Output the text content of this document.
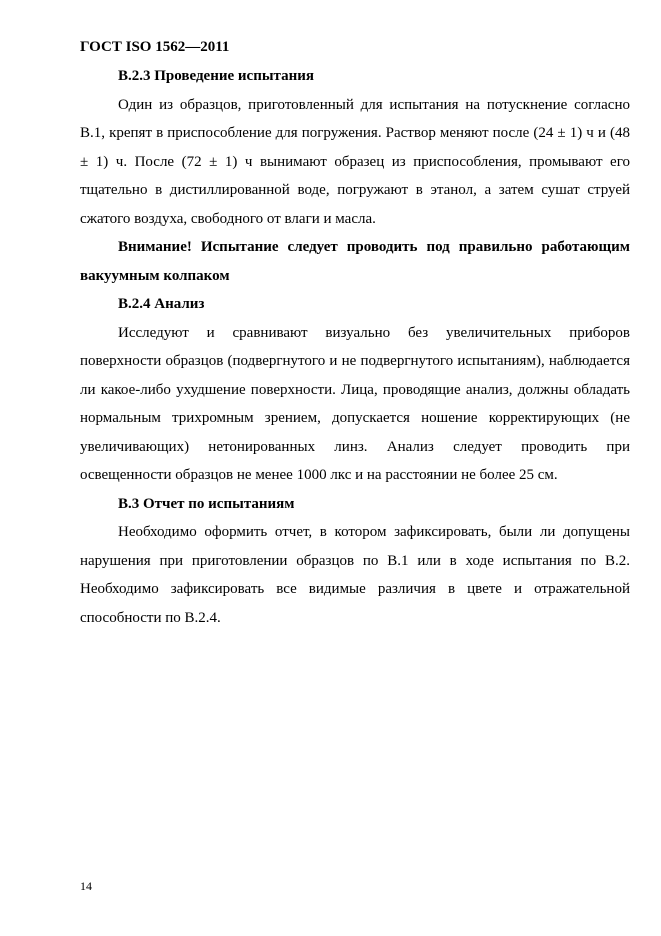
ГОСТ ISO 1562—2011

В.2.3 Проведение испытания

Один из образцов, приготовленный для испытания на потускнение согласно В.1, крепят в приспособление для погружения. Раствор меняют после (24 ± 1) ч и (48 ± 1) ч. После (72 ± 1) ч вынимают образец из приспособления, промывают его тщательно в дистиллированной воде, погружают в этанол, а затем сушат струей сжатого воздуха, свободного от влаги и масла.

Внимание! Испытание следует проводить под правильно работающим вакуумным колпаком

В.2.4 Анализ

Исследуют и сравнивают визуально без увеличительных приборов поверхности образцов (подвергнутого и не подвергнутого испытаниям), наблюдается ли какое-либо ухудшение поверхности. Лица, проводящие анализ, должны обладать нормальным трихромным зрением, допускается ношение корректирующих (не увеличивающих) нетонированных линз. Анализ следует проводить при освещенности образцов не менее 1000 лкс и на расстоянии не более 25 см.

В.3 Отчет по испытаниям

Необходимо оформить отчет, в котором зафиксировать, были ли допущены нарушения при приготовлении образцов по В.1 или в ходе испытания по В.2. Необходимо зафиксировать все видимые различия в цвете и отражательной способности по В.2.4.

14
